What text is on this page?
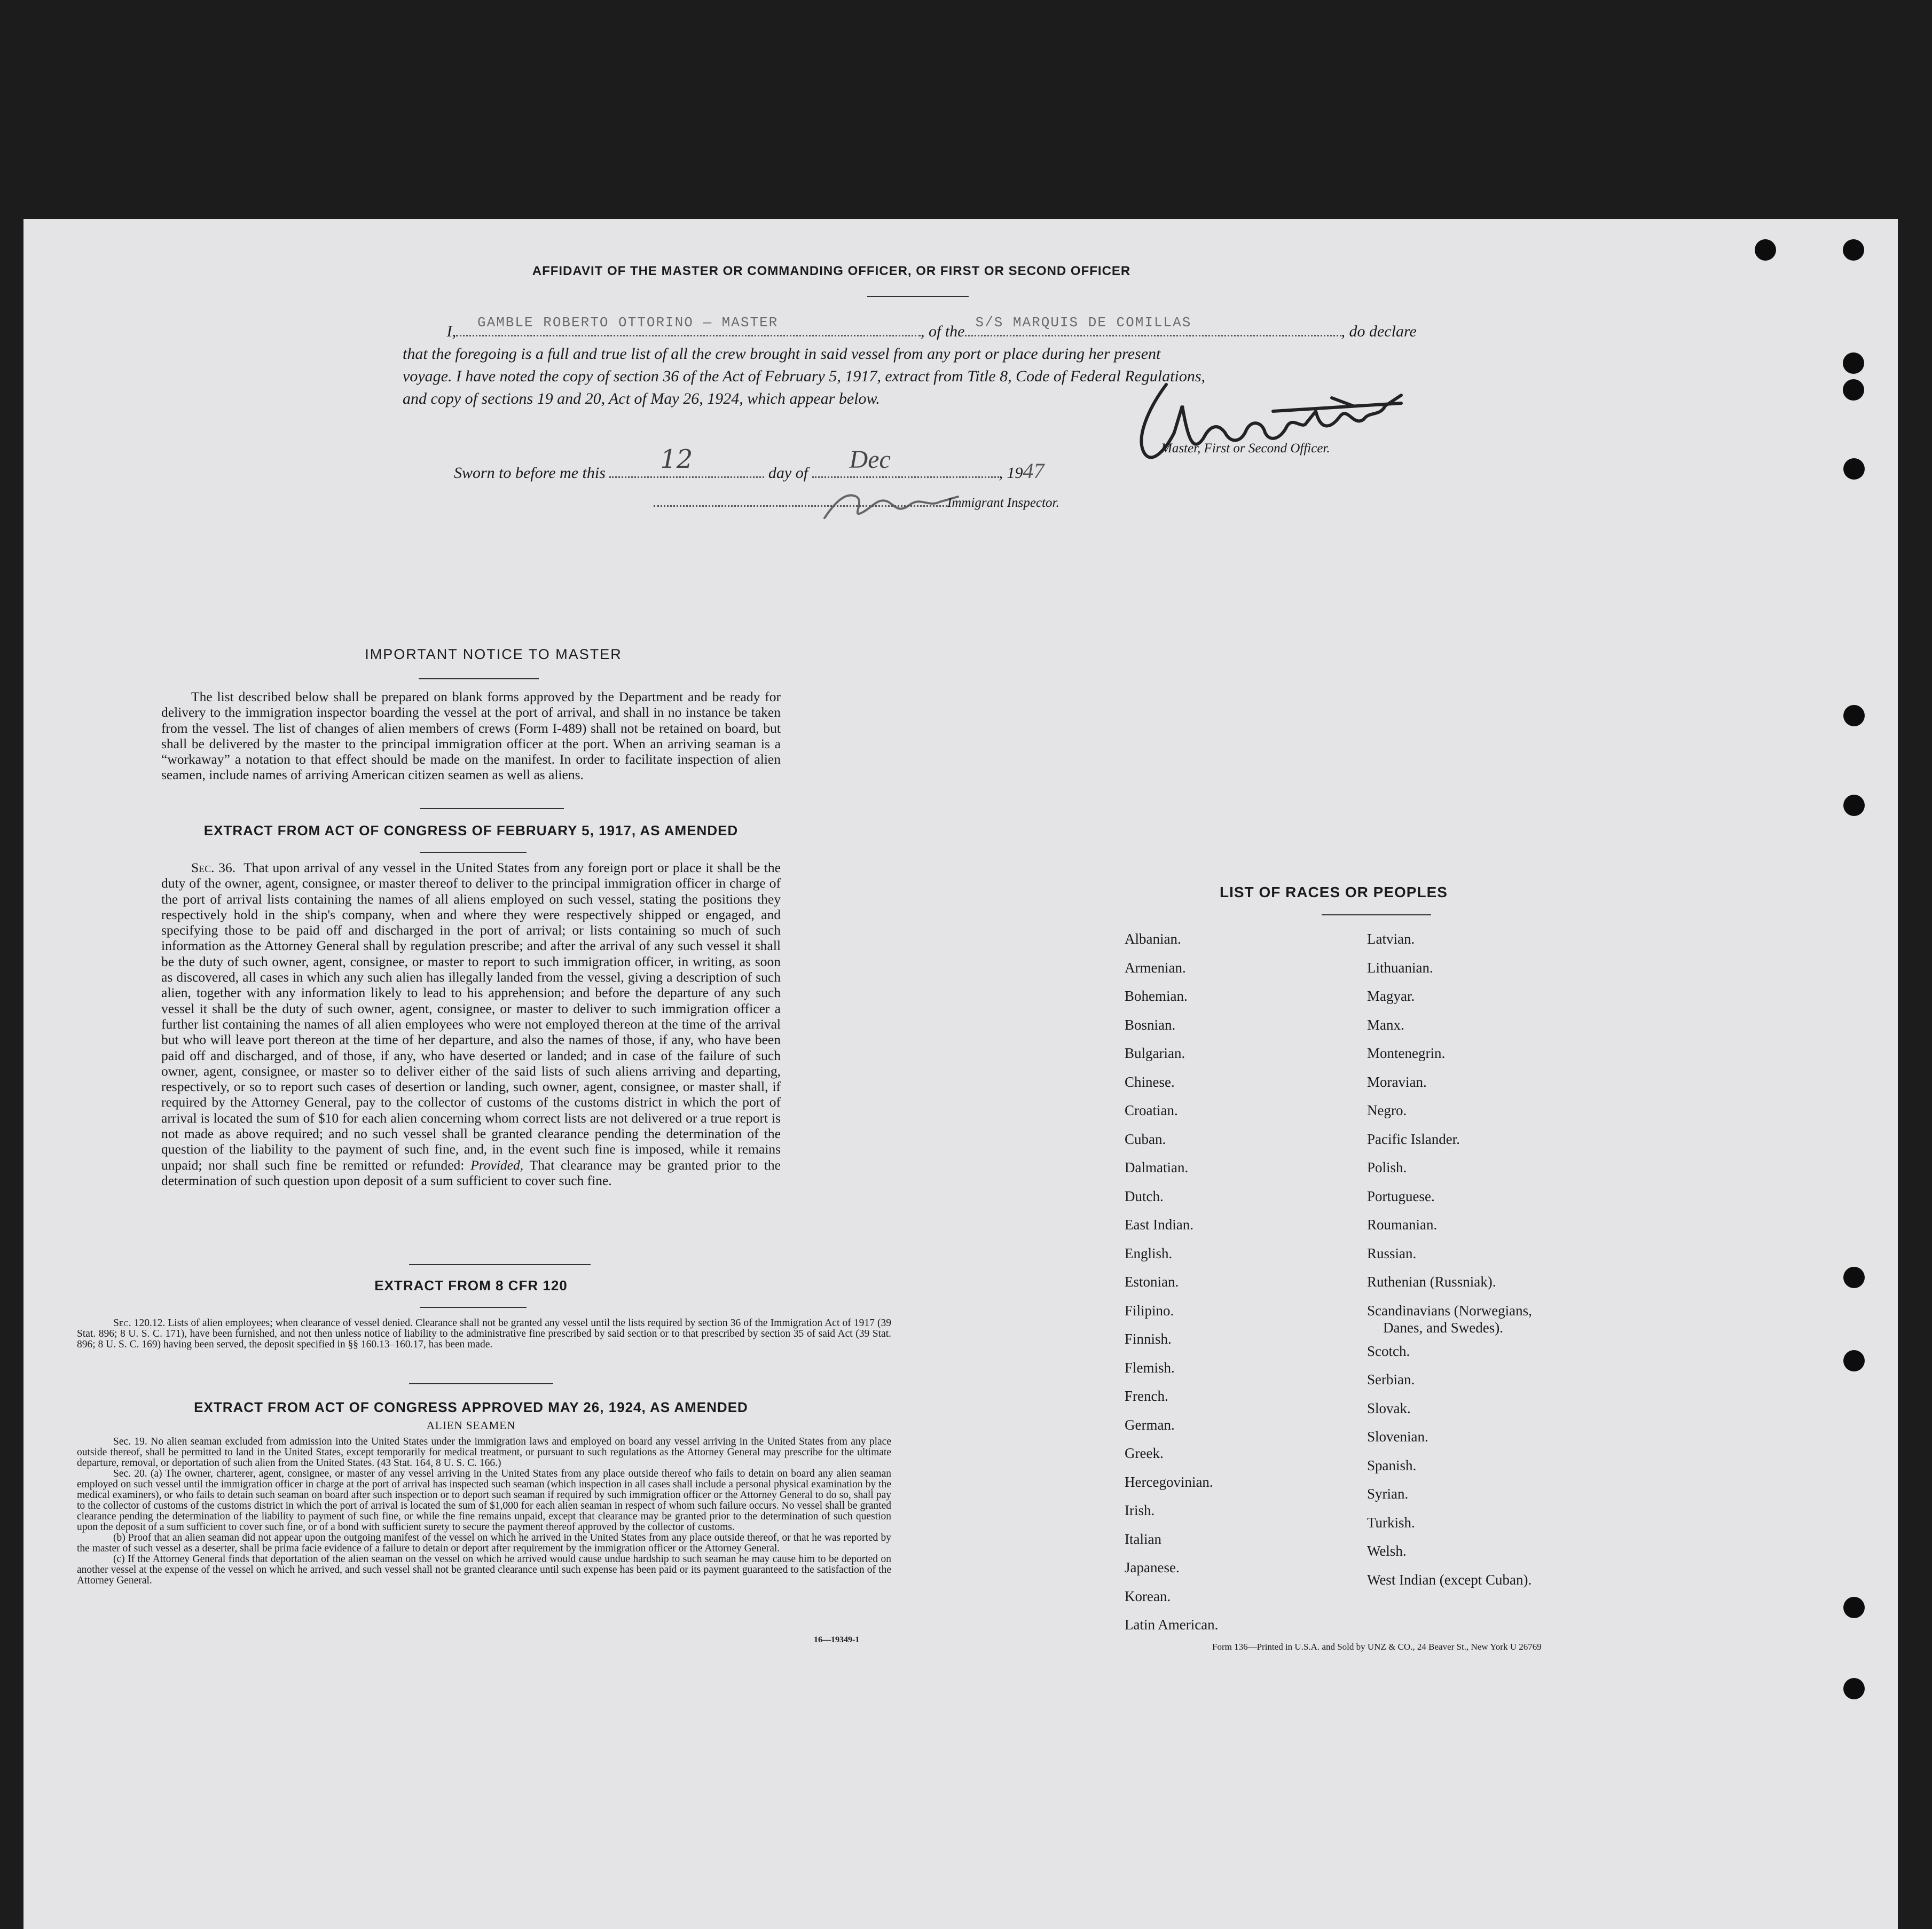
AFFIDAVIT OF THE MASTER OR COMMANDING OFFICER, OR FIRST OR SECOND OFFICER
I, GAMBLE ROBERTO OTTORINO — MASTER	, of the S/S MARQUIS DE COMILLAS	, do declare
that the foregoing is a full and true list of all the crew brought in said vessel from any port or place during her present
voyage. I have noted the copy of section 36 of the Act of February 5, 1917, extract from Title 8, Code of Federal Regulations,
and copy of sections 19 and 20, Act of May 26, 1924, which appear below.
Master, First or Second Officer.
Sworn to before me this 12	day of Dec	, 1947
Immigrant Inspector.
IMPORTANT NOTICE TO MASTER

The list described below shall be prepared on blank forms approved by the Department and be ready for delivery to the immigration inspector boarding the vessel at the port of arrival, and shall in no instance be taken from the vessel. The list of changes of alien members of crews (Form I-489) shall not be retained on board, but shall be delivered by the master to the principal immigration officer at the port. When an arriving seaman is a “workaway” a notation to that effect should be made on the manifest. In order to facilitate inspection of alien seamen, include names of arriving American citizen seamen as well as aliens.

EXTRACT FROM ACT OF CONGRESS OF FEBRUARY 5, 1917, AS AMENDED

Sec. 36. That upon arrival of any vessel in the United States from any foreign port or place it shall be the duty of the owner, agent, consignee, or master thereof to deliver to the principal immigration officer in charge of the port of arrival lists containing the names of all aliens employed on such vessel, stating the positions they respectively hold in the ship's company, when and where they were respectively shipped or engaged, and specifying those to be paid off and discharged in the port of arrival; or lists containing so much of such information as the Attorney General shall by regulation prescribe; and after the arrival of any such vessel it shall be the duty of such owner, agent, consignee, or master to report to such immigration officer, in writing, as soon as discovered, all cases in which any such alien has illegally landed from the vessel, giving a description of such alien, together with any information likely to lead to his apprehension; and before the departure of any such vessel it shall be the duty of such owner, agent, consignee, or master to deliver to such immigration officer a further list containing the names of all alien employees who were not employed thereon at the time of the arrival but who will leave port thereon at the time of her departure, and also the names of those, if any, who have been paid off and discharged, and of those, if any, who have deserted or landed; and in case of the failure of such owner, agent, consignee, or master so to deliver either of the said lists of such aliens arriving and departing, respectively, or so to report such cases of desertion or landing, such owner, agent, consignee, or master shall, if required by the Attorney General, pay to the collector of customs of the customs district in which the port of arrival is located the sum of $10 for each alien concerning whom correct lists are not delivered or a true report is not made as above required; and no such vessel shall be granted clearance pending the determination of the question of the liability to the payment of such fine, and, in the event such fine is imposed, while it remains unpaid; nor shall such fine be remitted or refunded: Provided, That clearance may be granted prior to the determination of such question upon deposit of a sum sufficient to cover such fine.

EXTRACT FROM 8 CFR 120

Sec. 120.12. Lists of alien employees; when clearance of vessel denied. Clearance shall not be granted any vessel until the lists required by section 36 of the Immigration Act of 1917 (39 Stat. 896; 8 U. S. C. 171), have been furnished, and not then unless notice of liability to the administrative fine prescribed by said section or to that prescribed by section 35 of said Act (39 Stat. 896; 8 U. S. C. 169) having been served, the deposit specified in §§ 160.13–160.17, has been made.

EXTRACT FROM ACT OF CONGRESS APPROVED MAY 26, 1924, AS AMENDED
ALIEN SEAMEN

Sec. 19. No alien seaman excluded from admission into the United States under the immigration laws and employed on board any vessel arriving in the United States from any place outside thereof, shall be permitted to land in the United States, except temporarily for medical treatment, or pursuant to such regulations as the Attorney General may prescribe for the ultimate departure, removal, or deportation of such alien from the United States. (43 Stat. 164, 8 U. S. C. 166.)

Sec. 20. (a) The owner, charterer, agent, consignee, or master of any vessel arriving in the United States from any place outside thereof who fails to detain on board any alien seaman employed on such vessel until the immigration officer in charge at the port of arrival has inspected such seaman (which inspection in all cases shall include a personal physical examination by the medical examiners), or who fails to detain such seaman on board after such inspection or to deport such seaman if required by such immigration officer or the Attorney General to do so, shall pay to the collector of customs of the customs district in which the port of arrival is located the sum of $1,000 for each alien seaman in respect of whom such failure occurs. No vessel shall be granted clearance pending the determination of the liability to payment of such fine, or while the fine remains unpaid, except that clearance may be granted prior to the determination of such question upon the deposit of a sum sufficient to cover such fine, or of a bond with sufficient surety to secure the payment thereof approved by the collector of customs.

(b) Proof that an alien seaman did not appear upon the outgoing manifest of the vessel on which he arrived in the United States from any place outside thereof, or that he was reported by the master of such vessel as a deserter, shall be prima facie evidence of a failure to detain or deport after requirement by the immigration officer or the Attorney General.

(c) If the Attorney General finds that deportation of the alien seaman on the vessel on which he arrived would cause undue hardship to such seaman he may cause him to be deported on another vessel at the expense of the vessel on which he arrived, and such vessel shall not be granted clearance until such expense has been paid or its payment guaranteed to the satisfaction of the Attorney General.

16—19349-1
LIST OF RACES OR PEOPLES
Albanian.
Armenian.
Bohemian.
Bosnian.
Bulgarian.
Chinese.
Croatian.
Cuban.
Dalmatian.
Dutch.
East Indian.
English.
Estonian.
Filipino.
Finnish.
Flemish.
French.
German.
Greek.
Hercegovinian.
Irish.
Italian
Japanese.
Korean.
Latin American.
Latvian.
Lithuanian.
Magyar.
Manx.
Montenegrin.
Moravian.
Negro.
Pacific Islander.
Polish.
Portuguese.
Roumanian.
Russian.
Ruthenian (Russniak).
Scandinavians (Norwegians,
Danes, and Swedes).
Scotch.
Serbian.
Slovak.
Slovenian.
Spanish.
Syrian.
Turkish.
Welsh.
West Indian (except Cuban).
Form 136—Printed in U.S.A. and Sold by UNZ & CO., 24 Beaver St., New York U 26769
